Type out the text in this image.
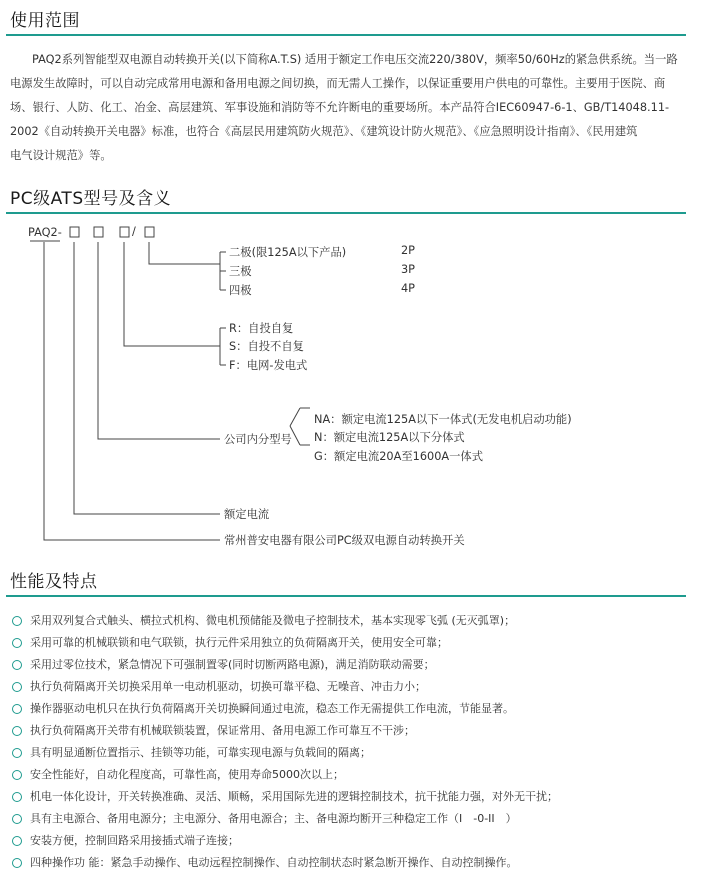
使用范围
PAQ2系列智能型双电源自动转换开关(以下简称A.T.S) 适用于额定工作电压交流220/380V，频率50/60Hz的紧急供系统。当一路
电源发生故障时，可以自动完成常用电源和备用电源之间切换，而无需人工操作，以保证重要用户供电的可靠性。主要用于医院、商
场、银行、人防、化工、冶金、高层建筑、军事设施和消防等不允许断电的重要场所。本产品符合IEC60947-6-1、GB/T14048.11-
2002《自动转换开关电器》标准，也符合《高层民用建筑防火规范》、《建筑设计防火规范》、《应急照明设计指南》、《民用建筑
电气设计规范》等。
PC级ATS型号及含义
PAQ2-	/
二极(限125A以下产品)	2P
三极	3P
四极	4P
R：自投自复
S：自投不自复
F：电网-发电式
公司内分型号
NA：额定电流125A以下一体式(无发电机启动功能)
N：额定电流125A以下分体式
G：额定电流20A至1600A一体式
额定电流
常州普安电器有限公司PC级双电源自动转换开关
性能及特点
采用双列复合式触头、横拉式机构、微电机预储能及微电子控制技术，基本实现零飞弧 (无灭弧罩)；
采用可靠的机械联锁和电气联锁，执行元件采用独立的负荷隔离开关，使用安全可靠；
采用过零位技术，紧急情况下可强制置零(同时切断两路电源)，满足消防联动需要；
执行负荷隔离开关切换采用单一电动机驱动，切换可靠平稳、无噪音、冲击力小；
操作器驱动电机只在执行负荷隔离开关切换瞬间通过电流，稳态工作无需提供工作电流，节能显著。
执行负荷隔离开关带有机械联锁装置，保证常用、备用电源工作可靠互不干涉；
具有明显通断位置指示、挂锁等功能，可靠实现电源与负载间的隔离；
安全性能好，自动化程度高，可靠性高，使用寿命5000次以上；
机电一体化设计，开关转换准确、灵活、顺畅，采用国际先进的逻辑控制技术，抗干扰能力强，对外无干扰；
具有主电源合、备用电源分；主电源分、备用电源合；主、备电源均断开三种稳定工作（I　-0-II　）
安装方便，控制回路采用接插式端子连接；
四种操作功 能：紧急手动操作、电动远程控制操作、自动控制状态时紧急断开操作、自动控制操作。
